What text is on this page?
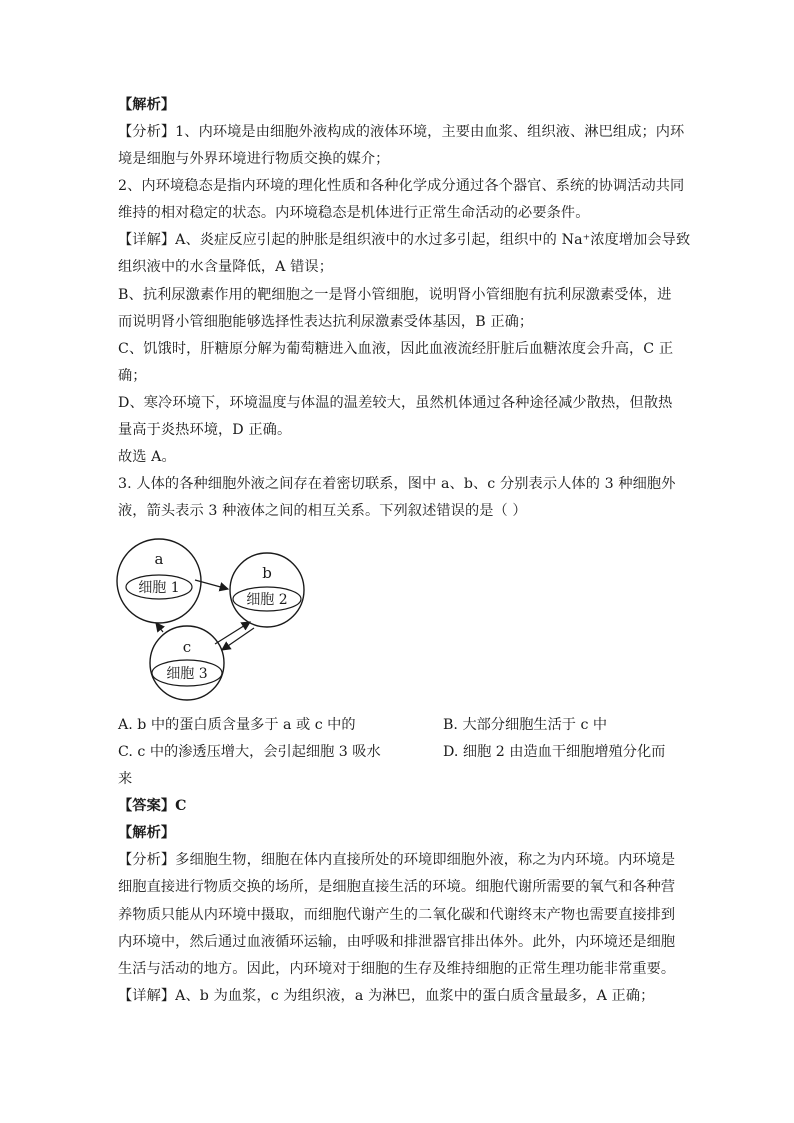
【解析】
【分析】1、内环境是由细胞外液构成的液体环境，主要由血浆、组织液、淋巴组成；内环
境是细胞与外界环境进行物质交换的媒介；
2、内环境稳态是指内环境的理化性质和各种化学成分通过各个器官、系统的协调活动共同
维持的相对稳定的状态。内环境稳态是机体进行正常生命活动的必要条件。
【详解】A、炎症反应引起的肿胀是组织液中的水过多引起，组织中的 Na⁺浓度增加会导致
组织液中的水含量降低，A 错误；
B、抗利尿激素作用的靶细胞之一是肾小管细胞，说明肾小管细胞有抗利尿激素受体，进
而说明肾小管细胞能够选择性表达抗利尿激素受体基因，B 正确；
C、饥饿时，肝糖原分解为葡萄糖进入血液，因此血液流经肝脏后血糖浓度会升高，C 正
确；
D、寒冷环境下，环境温度与体温的温差较大，虽然机体通过各种途径减少散热，但散热
量高于炎热环境，D 正确。
故选 A。
3. 人体的各种细胞外液之间存在着密切联系，图中 a、b、c 分别表示人体的 3 种细胞外
液，箭头表示 3 种液体之间的相互关系。下列叙述错误的是（ ）
a
细胞 1
b
细胞 2
c
细胞 3
A. b 中的蛋白质含量多于 a 或 c 中的	B. 大部分细胞生活于 c 中
C. c 中的渗透压增大，会引起细胞 3 吸水	D. 细胞 2 由造血干细胞增殖分化而
来
【答案】C
【解析】
【分析】多细胞生物，细胞在体内直接所处的环境即细胞外液，称之为内环境。内环境是
细胞直接进行物质交换的场所，是细胞直接生活的环境。细胞代谢所需要的氧气和各种营
养物质只能从内环境中摄取，而细胞代谢产生的二氧化碳和代谢终末产物也需要直接排到
内环境中，然后通过血液循环运输，由呼吸和排泄器官排出体外。此外，内环境还是细胞
生活与活动的地方。因此，内环境对于细胞的生存及维持细胞的正常生理功能非常重要。
【详解】A、b 为血浆，c 为组织液，a 为淋巴，血浆中的蛋白质含量最多，A 正确；
